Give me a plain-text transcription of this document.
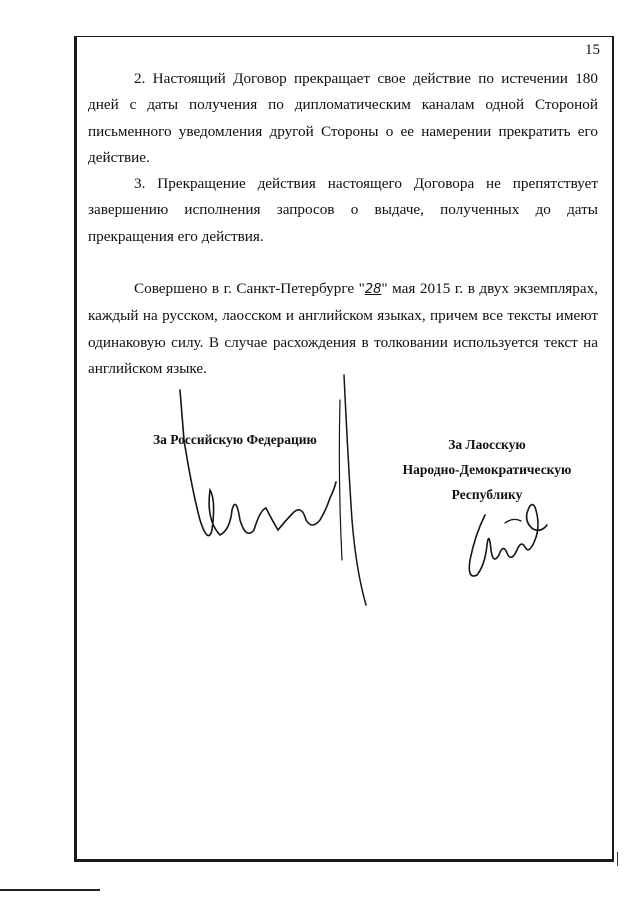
15

2. Настоящий Договор прекращает свое действие по истечении 180 дней с даты получения по дипломатическим каналам одной Стороной письменного уведомления другой Стороны о ее намерении прекратить его действие.

3. Прекращение действия настоящего Договора не препятствует завершению исполнения запросов о выдаче, полученных до даты прекращения его действия.

Совершено в г. Санкт-Петербурге "28" мая 2015 г. в двух экземплярах, каждый на русском, лаосском и английском языках, причем все тексты имеют одинаковую силу. В случае расхождения в толковании используется текст на английском языке.

За Российскую Федерацию	За Лаосскую
Народно-Демократическую
Республику
